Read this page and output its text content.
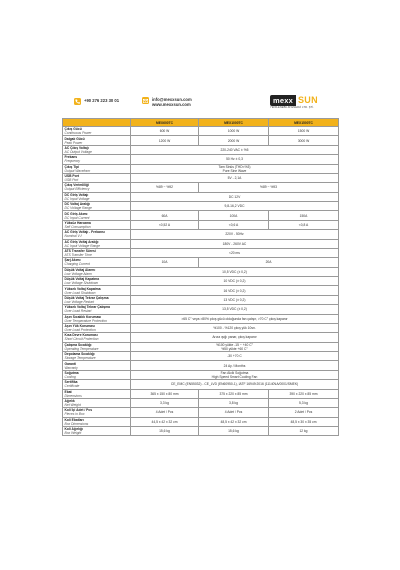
+90 276 223 30 01	info@mexxsun.com
www.mexxsun.com	mexx SUN
YENİLENEBİLİR ENERJİ LTD. ŞTİ.
	MEX600TC	MEX1000TC	MEX1500TC

Çıkış Gücü
Continuous Power	600 W	1000 W	1500 W

Dalgalı Gücü
Peak Power	1200 W	2000 W	3000 W

AC Çıkış Voltajı
AC Output Voltage	220-240 VAC ± %5		

Frekans
Frequency	50 Hz ± 0,3		

Çıkış Tipi
Output Waveform	Tam Sinüs (THD<%3)
Pure Sine Wave		

USB Port
USB Port	5V - 2,1A		

Çıkış Verimliliği
Output Efficiency	%89 ~ %92	%89 ~ %93	

DC Giriş Voltajı
DC Input Voltage	DC 12V		

DC Voltaj Aralığı
DC Voltage Range	9,8-16,2 VDC		

DC Giriş Akımı
DC Input Current	60A	100A	150A

Yüksüz Harcama
Self Consumption	<0,52 A	<0,6 A	<0,8 A

AC Giriş Voltajı - Frekansı
Nominal V-f	220V - 50Hz		

AC Giriş Voltaj Aralığı
AC Input Voltage Range	180V - 260V AC		

ATS Transfer Süresi
ATS Transfer Time	<20 ms		

Şarj Akımı
Charging Current	10A	20A	

Düşük Voltaj Alarmı
Low Voltage Alarm	10,5 VDC (± 0,2)		

Düşük Voltaj Kapatma
Low Voltage Shutdown	10 VDC (± 0,2)		

Yüksek Voltaj Kapatma
Over Load Shutdown	16 VDC (± 0,2)		

Düşük Voltaj Tekrar Çalışma
Low Voltage Restart	13 VDC (± 0,2)		

Yüksek Voltaj Tekrar Çalışma
Over Load Restart	13,5 VDC (± 0,2)		

Aşırı Sıcaklık Koruması
Over Temperature Protection	>65 C° veya >80% çıkış gücü olduğunda fan çalışır, >70 C° çıkış kapanır		

Aşırı Yük Koruması
Over Load Protection	%100 - %120 çıkış yük 10sn.		

Kısa Devre Koruması
Short Circuit Protection	Arıza ışığı yanar, çıkış kapanır		

Çalışma Sıcaklığı
Operating Temperature	%100 yükte -15 ~ +40 C°
%50 yükte +60 C°		

Depolama Sıcaklığı
Storage Temperature	-30 +70 C		

Garanti
Warranty	24 Ay / Months		

Soğutma
Cooling	Fan Akıllı Soğutma
High Speed Smart Cooling Fan		

Sertifika
Certificate	CE_EMC (EN55032) - CE_LVD (EN60950-1), IATF 16949:2016 (11140\IA/0001/SMEK)		

Ebat
Dimensions	365 x 150 x 80 mm	375 x 220 x 85 mm	390 x 220 x 85 mm

Ağırlık
Net Weight	3,3 kg	3,8 kg	5,3 kg

Koli İçi Adet / Pcs
Pieces in Box	4 Adet / Pcs	4 Adet / Pcs	2 Adet / Pcs

Koli Ebatları
Box Dimensions	44,5 x 42 x 32 cm	48,5 x 42 x 32 cm	48,5 x 30 x 35 cm

Koli Ağırlığı
Box Weight	15,6 kg	15,6 kg	12 kg
